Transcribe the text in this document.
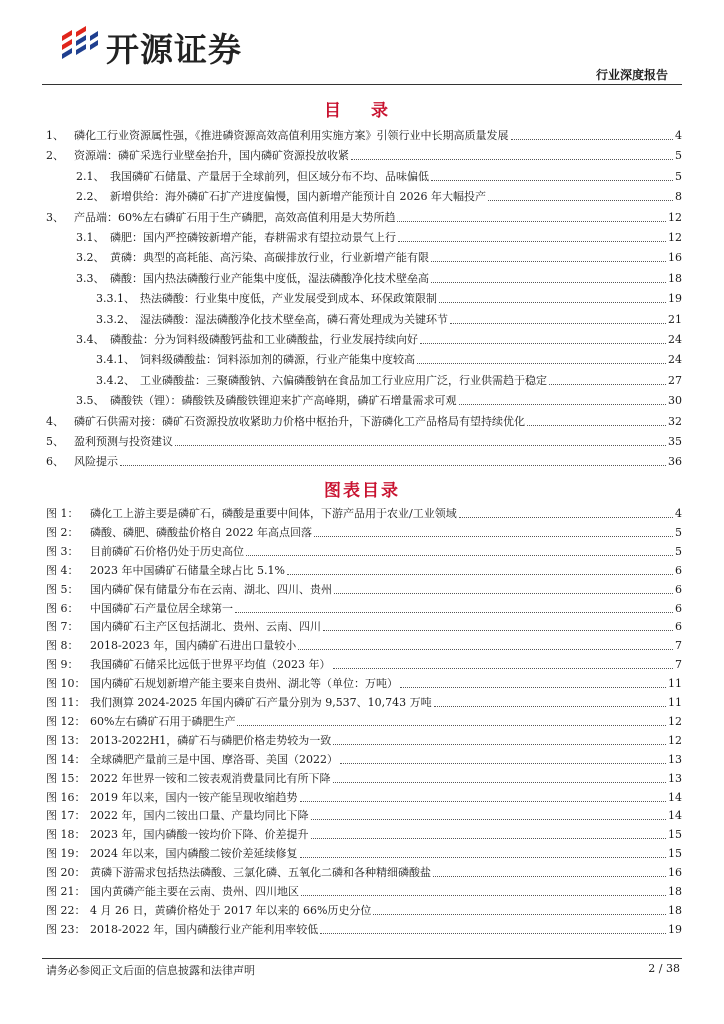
开源证券
行业深度报告
目 录
1、 磷化工行业资源属性强，《推进磷资源高效高值利用实施方案》引领行业中长期高质量发展	4
2、 资源端：磷矿采选行业壁垒抬升，国内磷矿资源投放收紧	5
2.1、 我国磷矿石储量、产量居于全球前列，但区域分布不均、品味偏低	5
2.2、 新增供给：海外磷矿石扩产进度偏慢，国内新增产能预计自 2026 年大幅投产	8
3、 产品端：60%左右磷矿石用于生产磷肥，高效高值利用是大势所趋	12
3.1、 磷肥：国内严控磷铵新增产能，春耕需求有望拉动景气上行	12
3.2、 黄磷：典型的高耗能、高污染、高碳排放行业，行业新增产能有限	16
3.3、 磷酸：国内热法磷酸行业产能集中度低，湿法磷酸净化技术壁垒高	18
3.3.1、 热法磷酸：行业集中度低，产业发展受到成本、环保政策限制	19
3.3.2、 湿法磷酸：湿法磷酸净化技术壁垒高，磷石膏处理成为关键环节	21
3.4、 磷酸盐：分为饲料级磷酸钙盐和工业磷酸盐，行业发展持续向好	24
3.4.1、 饲料级磷酸盐：饲料添加剂的磷源，行业产能集中度较高	24
3.4.2、 工业磷酸盐：三聚磷酸钠、六偏磷酸钠在食品加工行业应用广泛，行业供需趋于稳定	27
3.5、 磷酸铁（锂）：磷酸铁及磷酸铁锂迎来扩产高峰期，磷矿石增量需求可观	30
4、 磷矿石供需对接：磷矿石资源投放收紧助力价格中枢抬升，下游磷化工产品格局有望持续优化	32
5、 盈利预测与投资建议	35
6、 风险提示	36
图表目录
图 1：	磷化工上游主要是磷矿石，磷酸是重要中间体，下游产品用于农业/工业领域	4
图 2：	磷酸、磷肥、磷酸盐价格自 2022 年高点回落	5
图 3：	目前磷矿石价格仍处于历史高位	5
图 4：	2023 年中国磷矿石储量全球占比 5.1%	6
图 5：	国内磷矿保有储量分布在云南、湖北、四川、贵州	6
图 6：	中国磷矿石产量位居全球第一	6
图 7：	国内磷矿石主产区包括湖北、贵州、云南、四川	6
图 8：	2018-2023 年，国内磷矿石进出口量较小	7
图 9：	我国磷矿石储采比远低于世界平均值（2023 年）	7
图 10： 国内磷矿石规划新增产能主要来自贵州、湖北等（单位：万吨）	11
图 11： 我们测算 2024-2025 年国内磷矿石产量分别为 9,537、10,743 万吨	11
图 12： 60%左右磷矿石用于磷肥生产	12
图 13： 2013-2022H1，磷矿石与磷肥价格走势较为一致	12
图 14： 全球磷肥产量前三是中国、摩洛哥、美国（2022）	13
图 15： 2022 年世界一铵和二铵表观消费量同比有所下降	13
图 16： 2019 年以来，国内一铵产能呈现收缩趋势	14
图 17： 2022 年，国内二铵出口量、产量均同比下降	14
图 18： 2023 年，国内磷酸一铵均价下降、价差提升	15
图 19： 2024 年以来，国内磷酸二铵价差延续修复	15
图 20： 黄磷下游需求包括热法磷酸、三氯化磷、五氧化二磷和各种精细磷酸盐	16
图 21： 国内黄磷产能主要在云南、贵州、四川地区	18
图 22： 4 月 26 日，黄磷价格处于 2017 年以来的 66%历史分位	18
图 23： 2018-2022 年，国内磷酸行业产能利用率较低	19
请务必参阅正文后面的信息披露和法律声明	2 / 38
